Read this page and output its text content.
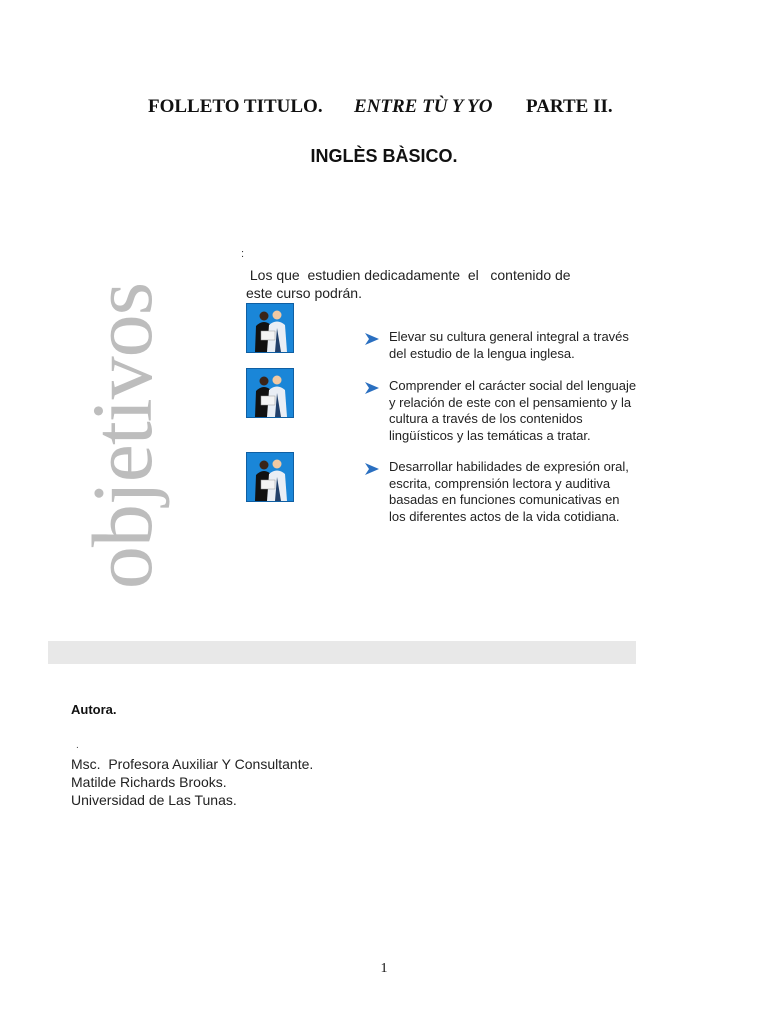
FOLLETO TITULO. ENTRE TÙ Y YO PARTE II.
INGLÈS BÀSICO.
objetivos
:
Los que  estudien dedicadamente  el   contenido de
este curso podrán.
Elevar su cultura general integral a través
del estudio de la lengua inglesa.
Comprender el carácter social del lenguaje
y relación de este con el pensamiento y la
cultura a través de los contenidos
lingüísticos y las temáticas a tratar.
Desarrollar habilidades de expresión oral,
escrita, comprensión lectora y auditiva
basadas en funciones comunicativas en
los diferentes actos de la vida cotidiana.
Autora.
.
Msc.  Profesora Auxiliar Y Consultante.
Matilde Richards Brooks.
Universidad de Las Tunas.
1
